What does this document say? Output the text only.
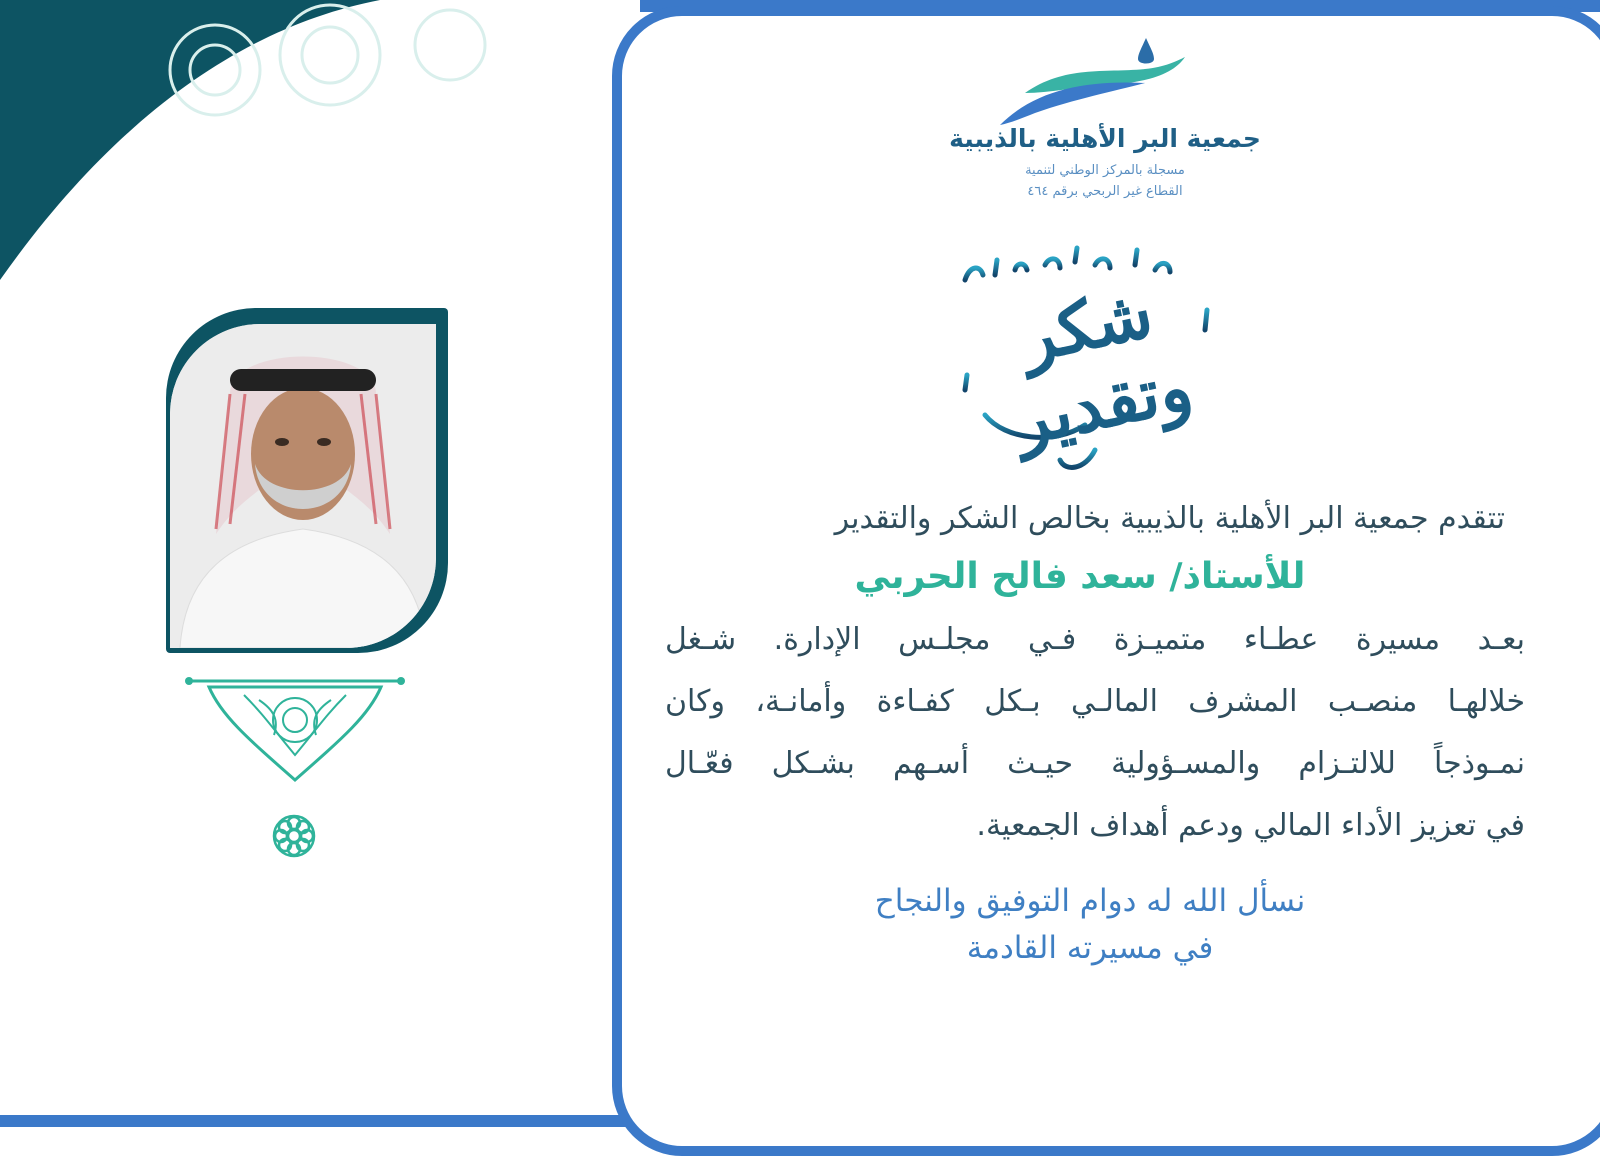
جمعية البر الأهلية بالذيبية
مسجلة بالمركز الوطني لتنمية
القطاع غير الربحي برقم ٤٦٤
شكر وتقدير
تتقدم جمعية البر الأهلية بالذيبية بخالص الشكر والتقدير
للأستاذ/ سعد فالح الحربي
بعـد مسيرة عطـاء متميـزة فـي مجلـس الإدارة. شـغل
خلالهـا منصـب المشرف المالـي بـكل كفـاءة وأمانـة، وكان
نمـوذجاً للالتـزام والمسـؤولية حيـث أسـهم بشـكل فعّـال
في تعزيز الأداء المالي ودعم أهداف الجمعية.
نسأل الله له دوام التوفيق والنجاح
في مسيرته القادمة
